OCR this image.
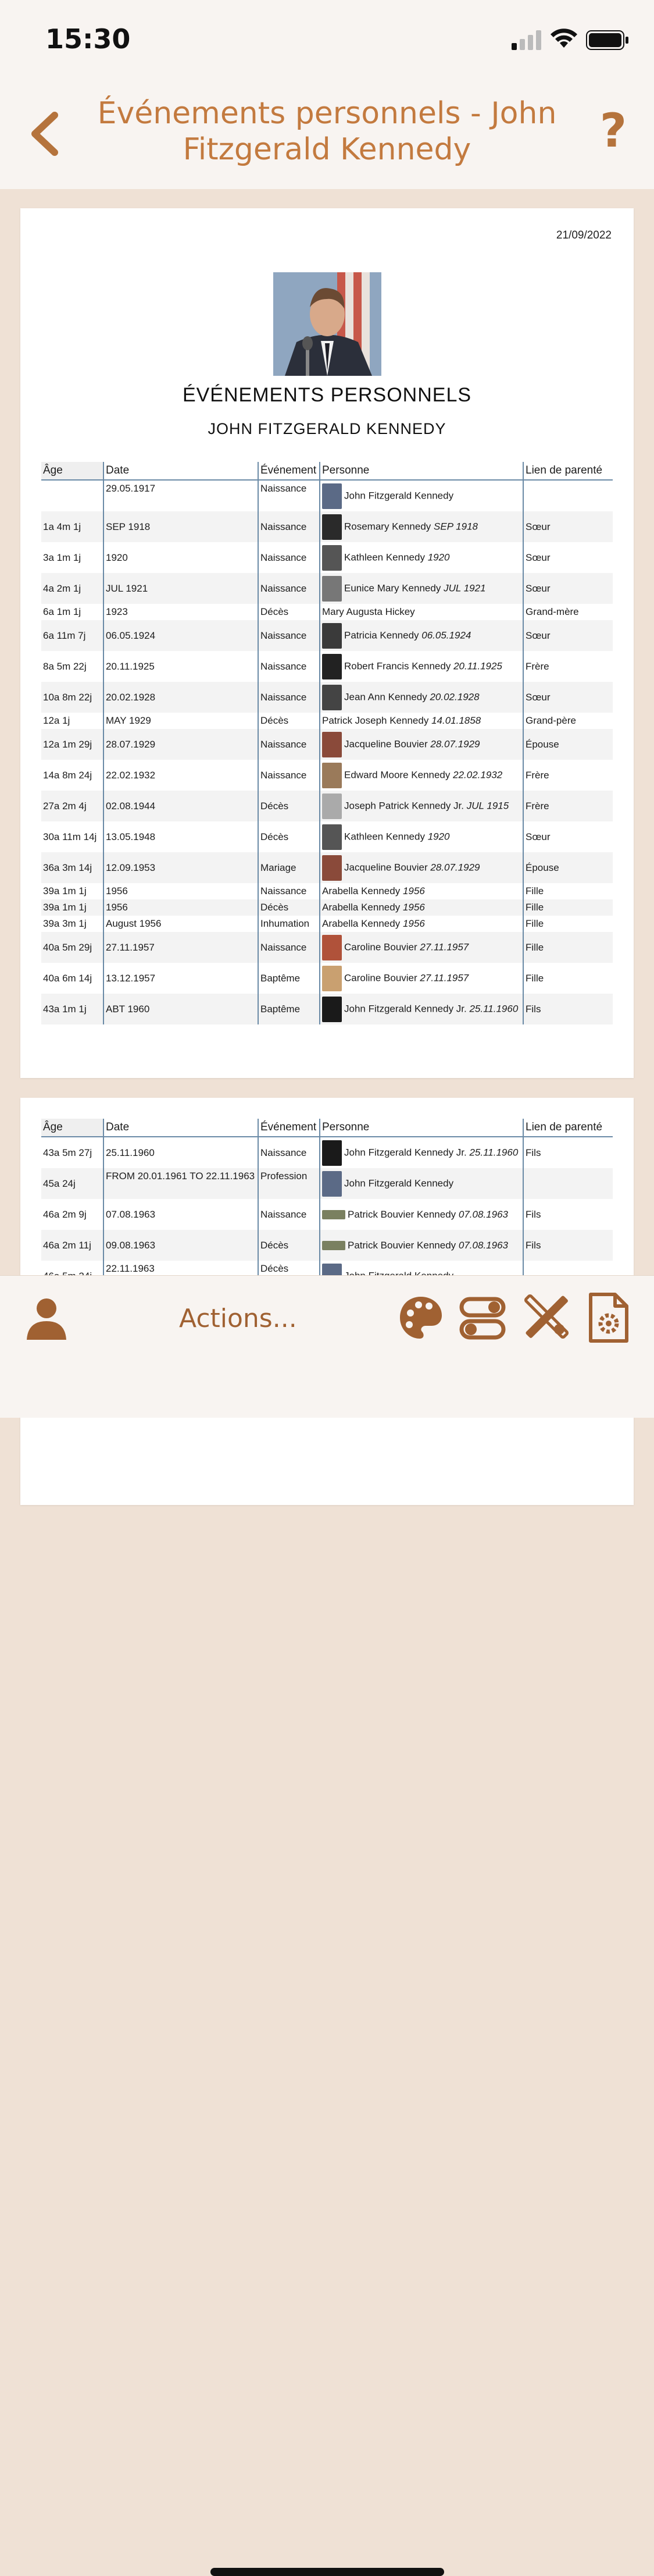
15:30
Événements personnels - John Fitzgerald Kennedy	?
21/09/2022
ÉVÉNEMENTS PERSONNELS
JOHN FITZGERALD KENNEDY
Âge	Date	Événement	Personne	Lien de parenté
	29.05.1917	Naissance	John Fitzgerald Kennedy	
1a 4m 1j	SEP 1918	Naissance	Rosemary Kennedy SEP 1918	Sœur
3a 1m 1j	1920	Naissance	Kathleen Kennedy 1920	Sœur
4a 2m 1j	JUL 1921	Naissance	Eunice Mary Kennedy JUL 1921	Sœur
6a 1m 1j	1923	Décès	Mary Augusta Hickey	Grand-mère
6a 11m 7j	06.05.1924	Naissance	Patricia Kennedy 06.05.1924	Sœur
8a 5m 22j	20.11.1925	Naissance	Robert Francis Kennedy 20.11.1925	Frère
10a 8m 22j	20.02.1928	Naissance	Jean Ann Kennedy 20.02.1928	Sœur
12a 1j	MAY 1929	Décès	Patrick Joseph Kennedy 14.01.1858	Grand-père
12a 1m 29j	28.07.1929	Naissance	Jacqueline Bouvier 28.07.1929	Épouse
14a 8m 24j	22.02.1932	Naissance	Edward Moore Kennedy 22.02.1932	Frère
27a 2m 4j	02.08.1944	Décès	Joseph Patrick Kennedy Jr. JUL 1915	Frère
30a 11m 14j	13.05.1948	Décès	Kathleen Kennedy 1920	Sœur
36a 3m 14j	12.09.1953	Mariage	Jacqueline Bouvier 28.07.1929	Épouse
39a 1m 1j	1956	Naissance	Arabella Kennedy 1956	Fille
39a 1m 1j	1956	Décès	Arabella Kennedy 1956	Fille
39a 3m 1j	August 1956	Inhumation	Arabella Kennedy 1956	Fille
40a 5m 29j	27.11.1957	Naissance	Caroline Bouvier 27.11.1957	Fille
40a 6m 14j	13.12.1957	Baptême	Caroline Bouvier 27.11.1957	Fille
43a 1m 1j	ABT 1960	Baptême	John Fitzgerald Kennedy Jr. 25.11.1960	Fils
Âge	Date	Événement	Personne	Lien de parenté
43a 5m 27j	25.11.1960	Naissance	John Fitzgerald Kennedy Jr. 25.11.1960	Fils
45a 24j	FROM 20.01.1961 TO 22.11.1963	Profession	John Fitzgerald Kennedy	
46a 2m 9j	07.08.1963	Naissance	Patrick Bouvier Kennedy 07.08.1963	Fils
46a 2m 11j	09.08.1963	Décès	Patrick Bouvier Kennedy 07.08.1963	Fils
	22.11.1963	Décès		
Actions...
